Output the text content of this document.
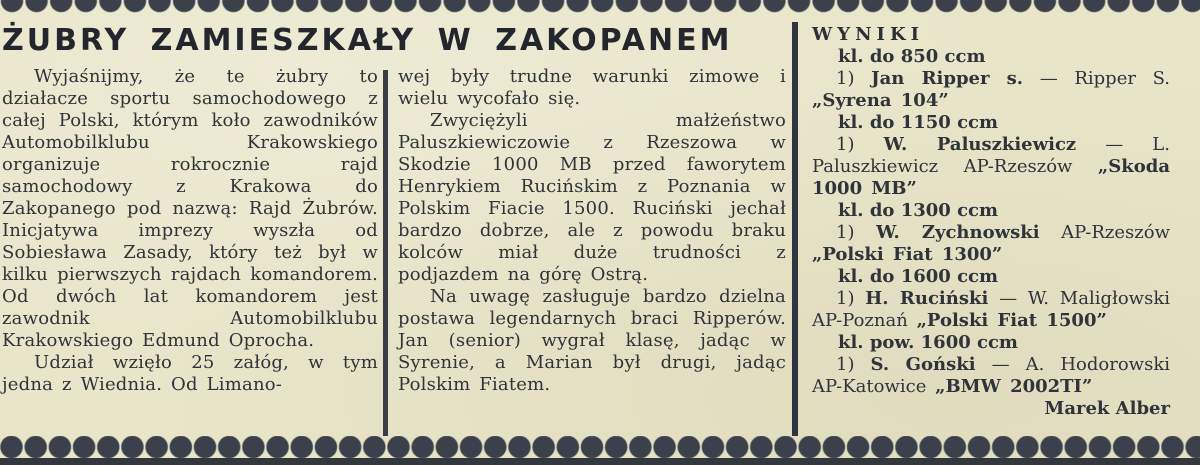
ŻUBRY ZAMIESZKAŁY W ZAKOPANEM

Wyjaśnijmy, że te żubry to działacze sportu samochodowego z całej Polski, którym koło zawodników Automobilklubu Krakowskiego organizuje rokrocznie rajd samochodowy z Krakowa do Zakopanego pod nazwą: Rajd Żubrów. Inicjatywa imprezy wyszła od Sobiesława Zasady, który też był w kilku pierwszych rajdach komandorem. Od dwóch lat komandorem jest zawodnik Automobilklubu Krakowskiego Edmund Oprocha.

Udział wzięło 25 załóg, w tym jedna z Wiednia. Od Limano-

wej były trudne warunki zimowe i wielu wycofało się.

Zwyciężyli małżeństwo Paluszkiewiczowie z Rzeszowa w Skodzie 1000 MB przed faworytem Henrykiem Rucińskim z Poznania w Polskim Fiacie 1500. Ruciński jechał bardzo dobrze, ale z powodu braku kolców miał duże trudności z podjazdem na górę Ostrą.

Na uwagę zasługuje bardzo dzielna postawa legendarnych braci Ripperów. Jan (senior) wygrał klasę, jadąc w Syrenie, a Marian był drugi, jadąc Polskim Fiatem.

WYNIKI
kl. do 850 ccm

1) Jan Ripper s. — Ripper S. „Syrena 104”

kl. do 1150 ccm

1) W. Paluszkiewicz — L. Paluszkiewicz AP-Rzeszów „Skoda 1000 MB”

kl. do 1300 ccm

1) W. Zychnowski AP-Rzeszów „Polski Fiat 1300”

kl. do 1600 ccm

1) H. Ruciński — W. Maligłowski AP-Poznań „Polski Fiat 1500”

kl. pow. 1600 ccm

1) S. Goński — A. Hodorowski AP-Katowice „BMW 2002TI”

Marek Alber
